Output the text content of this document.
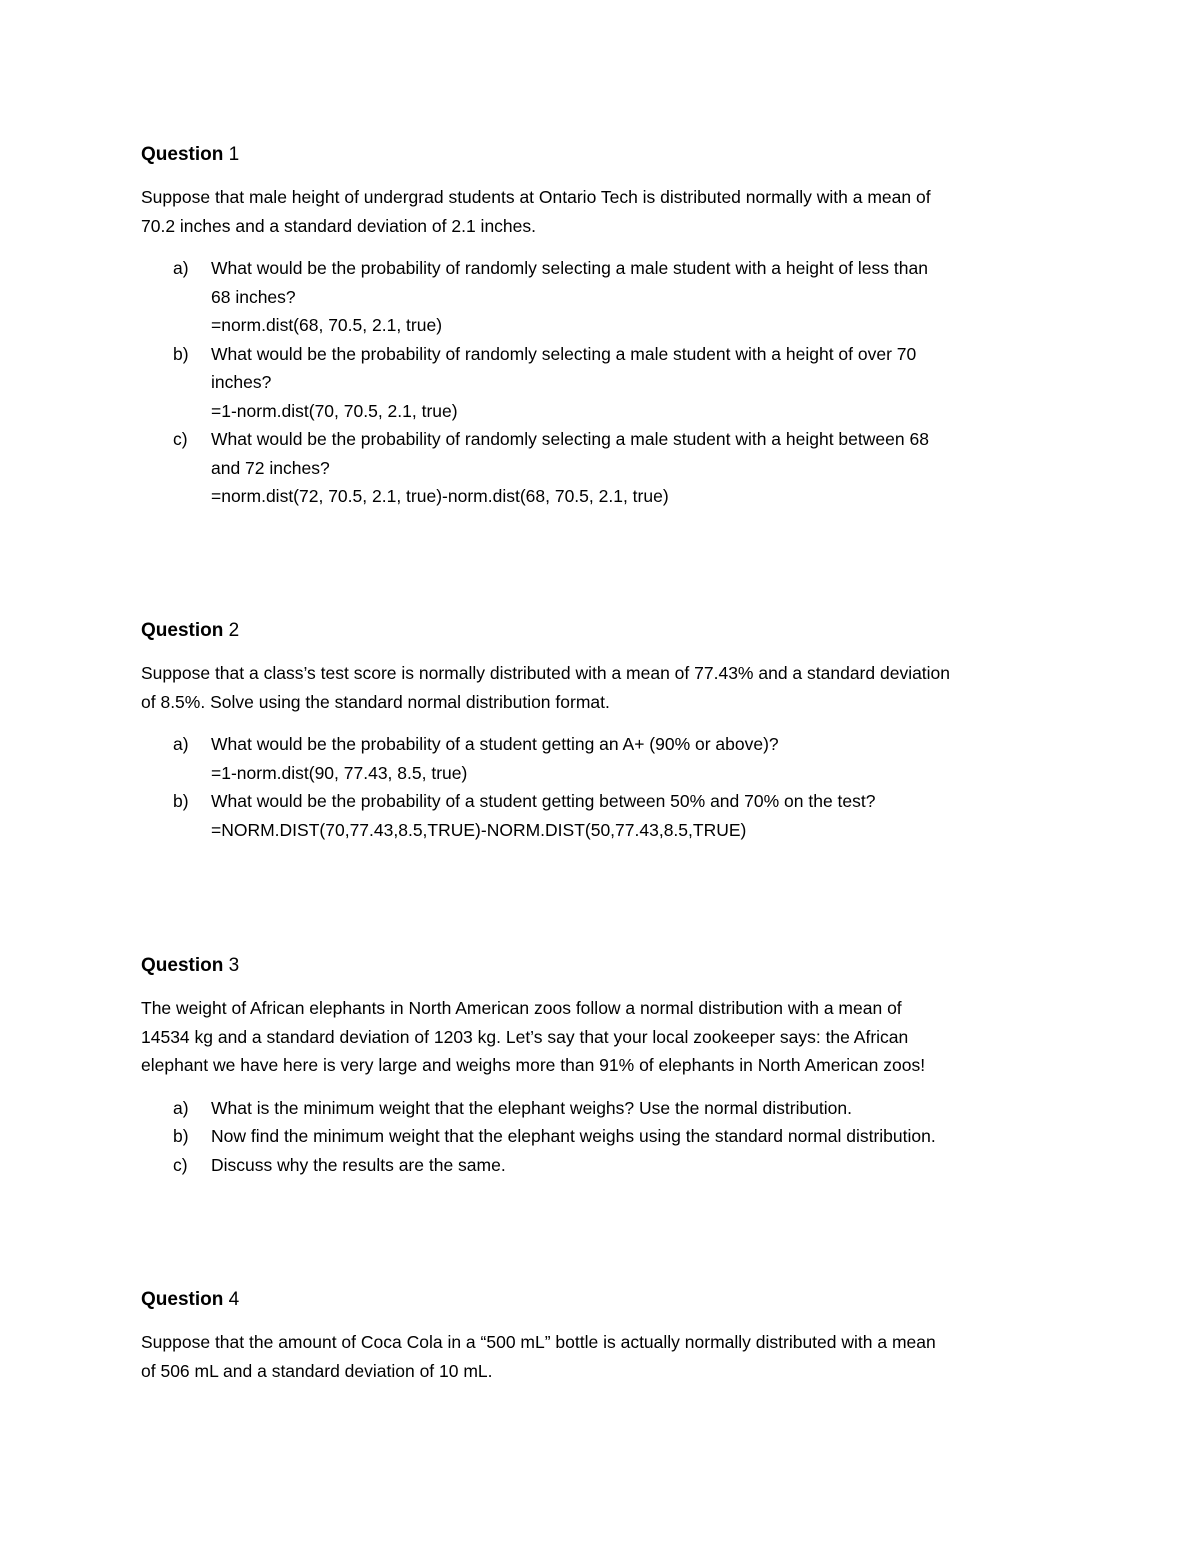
Question 1

Suppose that male height of undergrad students at Ontario Tech is distributed normally with a mean of
70.2 inches and a standard deviation of 2.1 inches.

a) What would be the probability of randomly selecting a male student with a height of less than
68 inches?
=norm.dist(68, 70.5, 2.1, true)
b) What would be the probability of randomly selecting a male student with a height of over 70
inches?
=1-norm.dist(70, 70.5, 2.1, true)
c) What would be the probability of randomly selecting a male student with a height between 68
and 72 inches?
=norm.dist(72, 70.5, 2.1, true)-norm.dist(68, 70.5, 2.1, true)

Question 2

Suppose that a class’s test score is normally distributed with a mean of 77.43% and a standard deviation
of 8.5%. Solve using the standard normal distribution format.

a) What would be the probability of a student getting an A+ (90% or above)?
=1-norm.dist(90, 77.43, 8.5, true)
b) What would be the probability of a student getting between 50% and 70% on the test?
=NORM.DIST(70,77.43,8.5,TRUE)-NORM.DIST(50,77.43,8.5,TRUE)

Question 3

The weight of African elephants in North American zoos follow a normal distribution with a mean of
14534 kg and a standard deviation of 1203 kg. Let’s say that your local zookeeper says: the African
elephant we have here is very large and weighs more than 91% of elephants in North American zoos!

a) What is the minimum weight that the elephant weighs? Use the normal distribution.
b) Now find the minimum weight that the elephant weighs using the standard normal distribution.
c) Discuss why the results are the same.

Question 4

Suppose that the amount of Coca Cola in a “500 mL” bottle is actually normally distributed with a mean
of 506 mL and a standard deviation of 10 mL.
